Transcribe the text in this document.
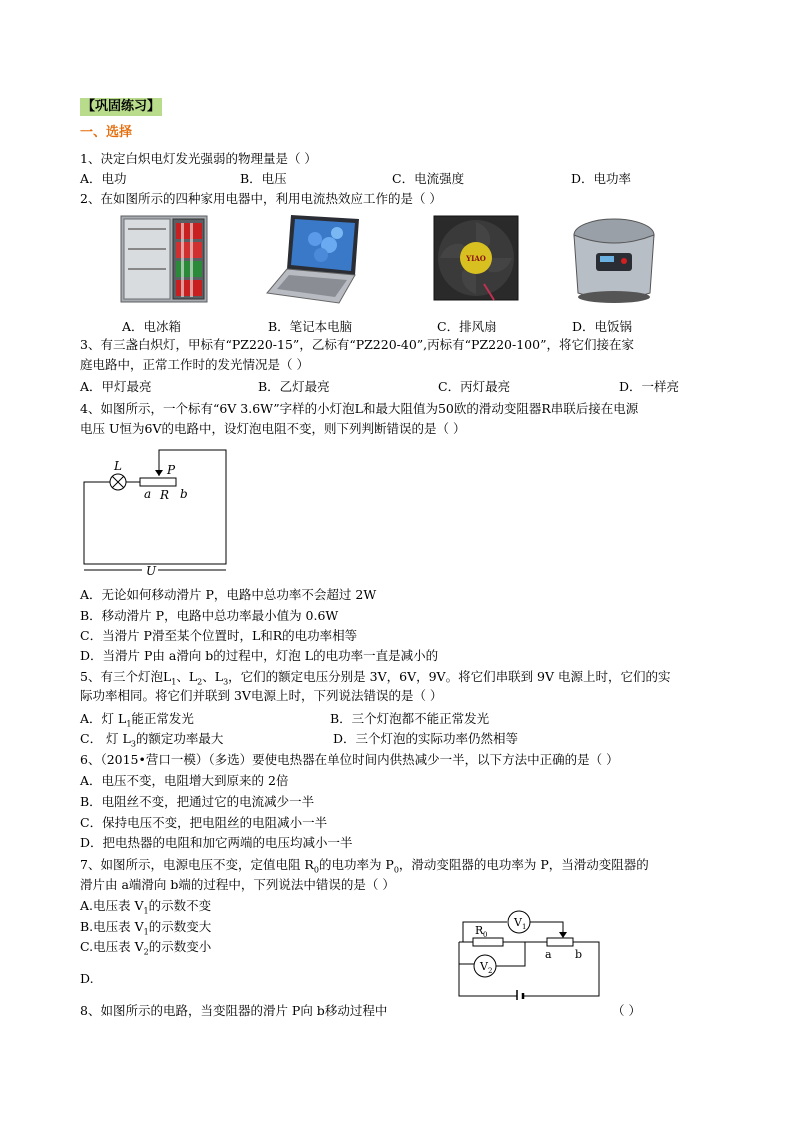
【巩固练习】
一、选择
1、决定白炽电灯发光强弱的物理量是（ ）
A．电功	B．电压	C．电流强度	D．电功率
2、在如图所示的四种家用电器中，利用电流热效应工作的是（ ）
YIAO
A．电冰箱	B．笔记本电脑	C．排风扇	D．电饭锅
3、有三盏白炽灯，甲标有“PZ220-15”，乙标有“PZ220-40”,丙标有“PZ220-100”，将它们接在家
庭电路中，正常工作时的发光情况是（ ）
A．甲灯最亮	B．乙灯最亮	C．丙灯最亮	D．一样亮
4、如图所示，一个标有“6V 3.6W”字样的小灯泡L和最大阻值为50欧的滑动变阻器R串联后接在电源
电压 U恒为6V的电路中，设灯泡电阻不变，则下列判断错误的是（ ）
L	P
a R b
U
A．无论如何移动滑片 P，电路中总功率不会超过 2W
B．移动滑片 P，电路中总功率最小值为 0.6W
C．当滑片 P滑至某个位置时，L和R的电功率相等
D．当滑片 P由 a滑向 b的过程中，灯泡 L的电功率一直是减小的
5、有三个灯泡$L_1$、$L_2$、$L_3$，它们的额定电压分别是 3V，6V，9V。将它们串联到 9V 电源上时，它们的实
际功率相同。将它们并联到 3V电源上时，下列说法错误的是（ ）
A．灯 $L_1$能正常发光	B．三个灯泡都不能正常发光
C． 灯 $L_3$的额定功率最大	D．三个灯泡的实际功率仍然相等
6、（2015•营口一模）（多选）要使电热器在单位时间内供热减少一半，以下方法中正确的是（ ）
A．电压不变，电阻增大到原来的 2倍
B．电阻丝不变，把通过它的电流减少一半
C．保持电压不变，把电阻丝的电阻减小一半
D．把电热器的电阻和加它两端的电压均减小一半
7、如图所示，电源电压不变，定值电阻 $R_0$的电功率为 $P_0$，滑动变阻器的电功率为 P，当滑动变阻器的
滑片由 a端滑向 b端的过程中，下列说法中错误的是（ ）
A.电压表 $V_1$的示数不变
B.电压表 $V_1$的示数变大
C.电压表 $V_2$的示数变小
D.
V 1
V 2
R 0
a b
8、如图所示的电路，当变阻器的滑片 P向 b移动过程中	（ ）
